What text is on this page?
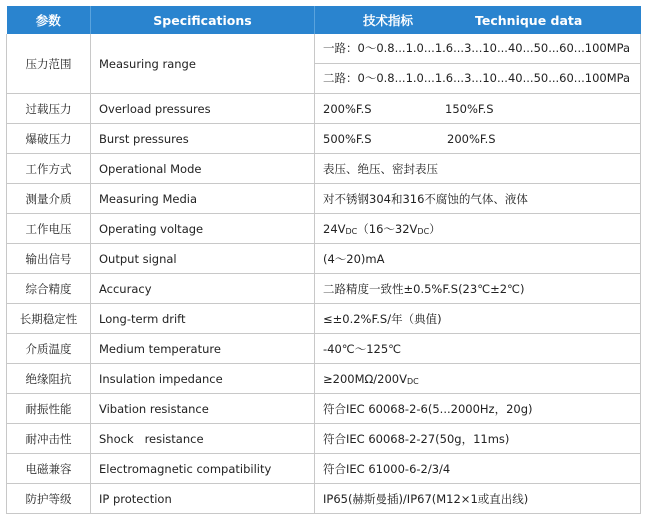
参数	Specifications	技术指标 Technique data
压力范围	Measuring range	一路：0～0.8...1.0...1.6...3...10...40...50...60...100MPa
二路：0～0.8...1.0...1.6...3...10...40...50...60...100MPa

过载压力	Overload pressures	200%F.S 150%F.S
爆破压力	Burst pressures	500%F.S 200%F.S
工作方式	Operational Mode	表压、绝压、密封表压
测量介质	Measuring Media	对不锈钢304和316不腐蚀的气体、液体
工作电压	Operating voltage	24VDC（16～32VDC）
输出信号	Output signal	(4～20)mA
综合精度	Accuracy	二路精度一致性±0.5%F.S(23℃±2℃)
长期稳定性	Long-term drift	≤±0.2%F.S/年（典值)
介质温度	Medium temperature	-40℃～125℃
绝缘阻抗	Insulation impedance	≥200MΩ/200VDC
耐振性能	Vibation resistance	符合IEC 60068-2-6(5...2000Hz，20g)
耐冲击性	Shock   resistance	符合IEC 60068-2-27(50g，11ms)
电磁兼容	Electromagnetic compatibility	符合IEC 61000-6-2/3/4
防护等级	IP protection	IP65(赫斯曼插)/IP67(M12×1或直出线)
